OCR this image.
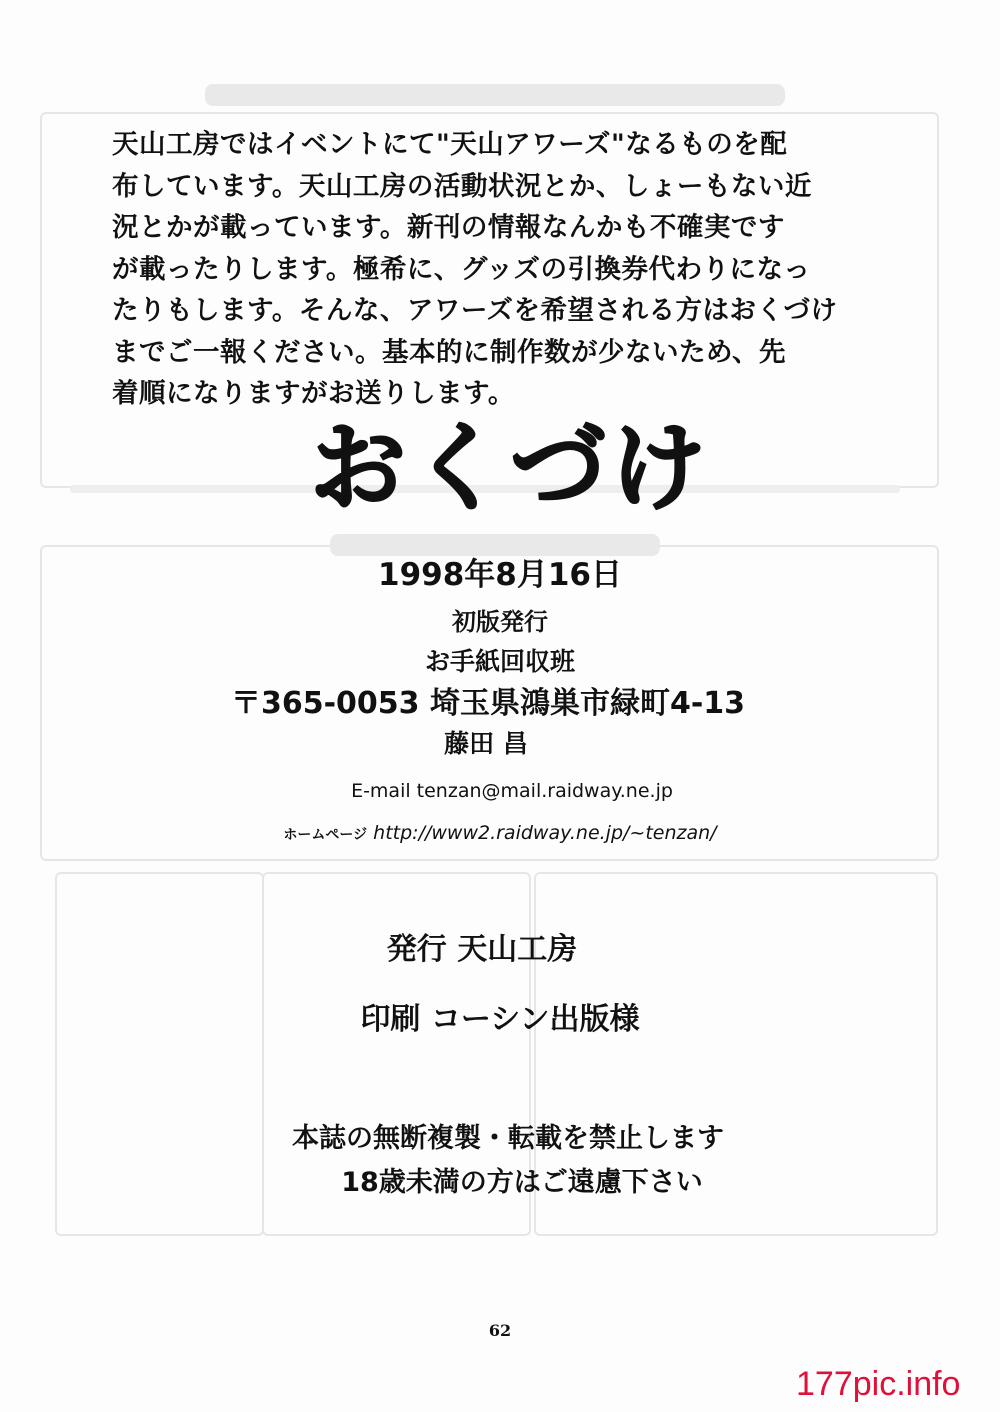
天山工房ではイベントにて"天山アワーズ"なるものを配
布しています。天山工房の活動状況とか、しょーもない近
況とかが載っています。新刊の情報なんかも不確実です
が載ったりします。極希に、グッズの引換券代わりになっ
たりもします。そんな、アワーズを希望される方はおくづけ
までご一報ください。基本的に制作数が少ないため、先
着順になりますがお送りします。

おくづけ
1998年8月16日
初版発行
お手紙回収班
〒365-0053 埼玉県鴻巣市緑町4-13
藤田 昌
E-mail tenzan@mail.raidway.ne.jp
ホームページ http://www2.raidway.ne.jp/~tenzan/
発行 天山工房
印刷 コーシン出版様
本誌の無断複製・転載を禁止します
18歳未満の方はご遠慮下さい
62
177pic.info
